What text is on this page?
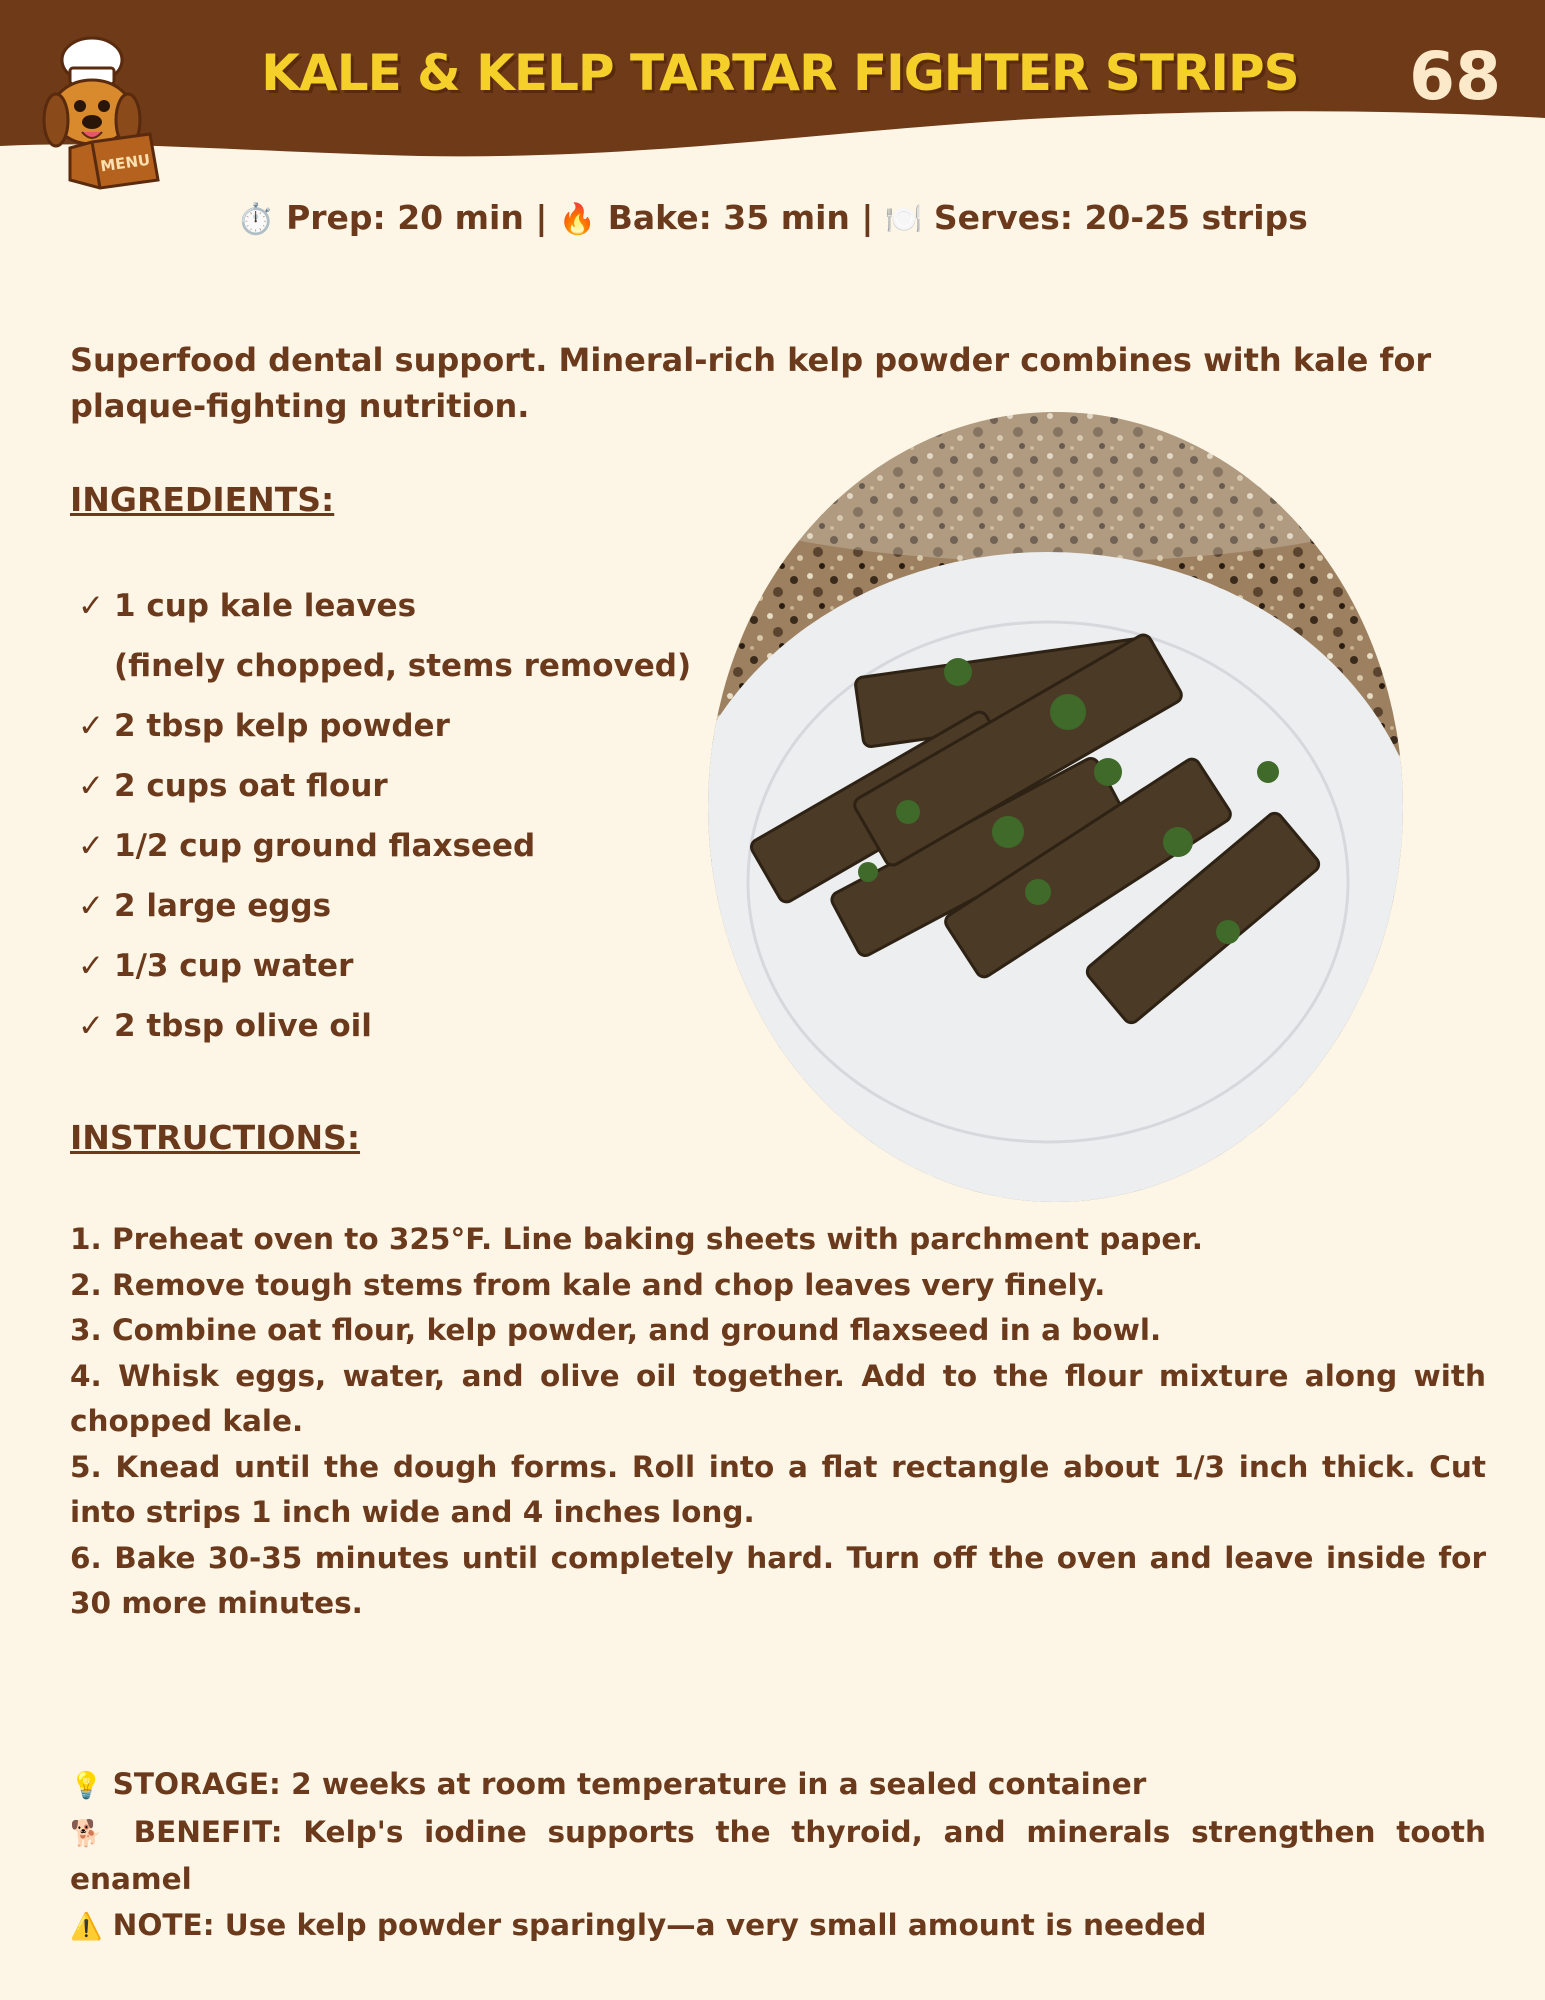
MENU
KALE & KELP TARTAR FIGHTER STRIPS 68
⏱️ Prep: 20 min | 🔥 Bake: 35 min | 🍽️ Serves: 20-25 strips
Superfood dental support. Mineral-rich kelp powder combines with kale for plaque-fighting nutrition.
INGREDIENTS:
✓ 1 cup kale leaves
(finely chopped, stems removed)
✓ 2 tbsp kelp powder
✓ 2 cups oat flour
✓ 1/2 cup ground flaxseed
✓ 2 large eggs
✓ 1/3 cup water
✓ 2 tbsp olive oil
INSTRUCTIONS:
1. Preheat oven to 325°F. Line baking sheets with parchment paper.
2. Remove tough stems from kale and chop leaves very finely.
3. Combine oat flour, kelp powder, and ground flaxseed in a bowl.
4. Whisk eggs, water, and olive oil together. Add to the flour mixture along with chopped kale.
5. Knead until the dough forms. Roll into a flat rectangle about 1/3 inch thick. Cut into strips 1 inch wide and 4 inches long.
6. Bake 30-35 minutes until completely hard. Turn off the oven and leave inside for 30 more minutes.
💡 STORAGE: 2 weeks at room temperature in a sealed container
🐕 BENEFIT: Kelp's iodine supports the thyroid, and minerals strengthen tooth enamel
⚠️ NOTE: Use kelp powder sparingly—a very small amount is needed
